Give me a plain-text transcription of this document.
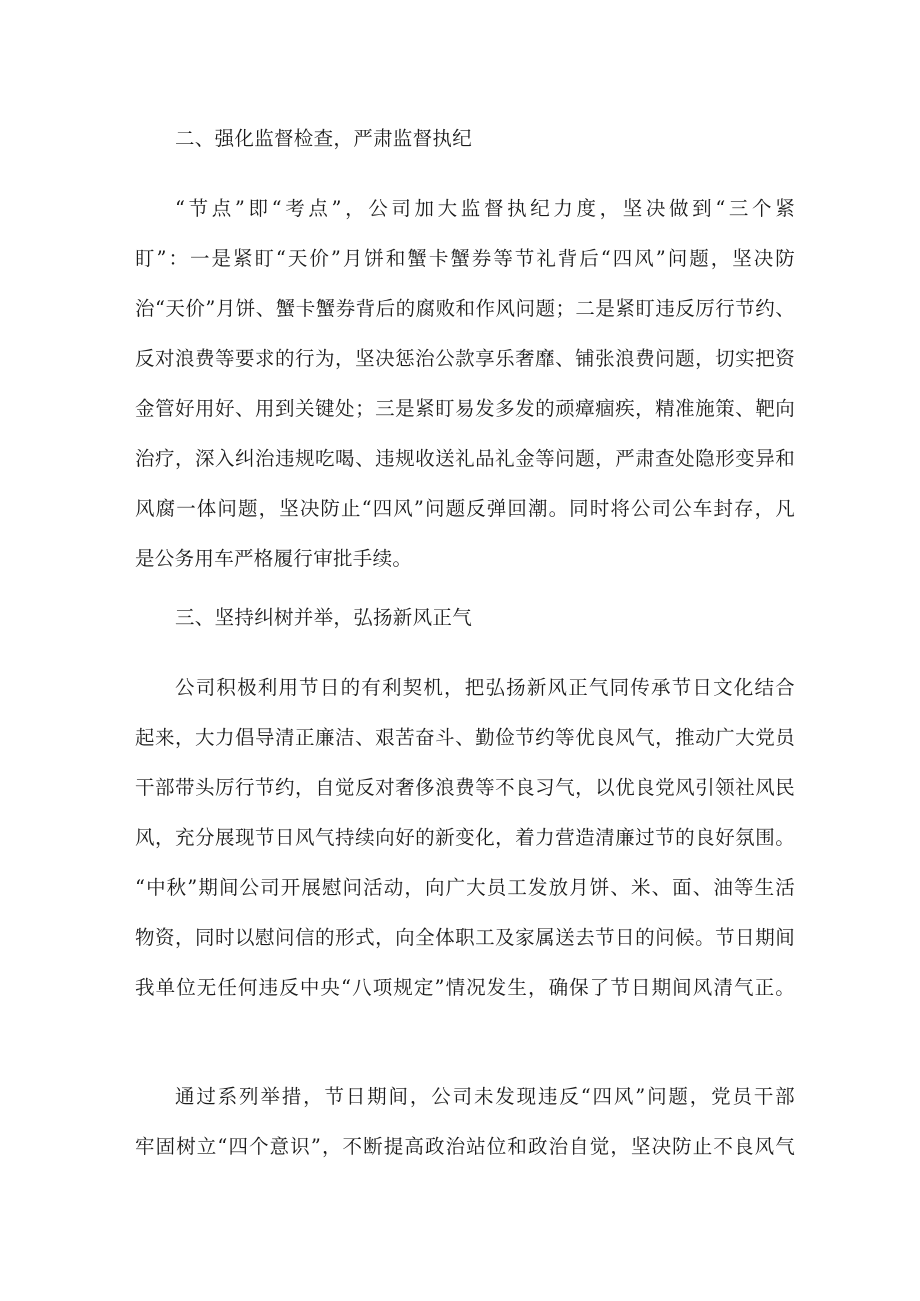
二、强化监督检查，严肃监督执纪
“节点”即“考点”，公司加大监督执纪力度，坚决做到“三个紧
盯”：一是紧盯“天价”月饼和蟹卡蟹券等节礼背后“四风”问题，坚决防
治“天价”月饼、蟹卡蟹券背后的腐败和作风问题；二是紧盯违反厉行节约、
反对浪费等要求的行为，坚决惩治公款享乐奢靡、铺张浪费问题，切实把资
金管好用好、用到关键处；三是紧盯易发多发的顽瘴痼疾，精准施策、靶向
治疗，深入纠治违规吃喝、违规收送礼品礼金等问题，严肃查处隐形变异和
风腐一体问题，坚决防止“四风”问题反弹回潮。同时将公司公车封存，凡
是公务用车严格履行审批手续。
三、坚持纠树并举，弘扬新风正气
公司积极利用节日的有利契机，把弘扬新风正气同传承节日文化结合
起来，大力倡导清正廉洁、艰苦奋斗、勤俭节约等优良风气，推动广大党员
干部带头厉行节约，自觉反对奢侈浪费等不良习气，以优良党风引领社风民
风，充分展现节日风气持续向好的新变化，着力营造清廉过节的良好氛围。
“中秋”期间公司开展慰问活动，向广大员工发放月饼、米、面、油等生活
物资，同时以慰问信的形式，向全体职工及家属送去节日的问候。节日期间
我单位无任何违反中央“八项规定”情况发生，确保了节日期间风清气正。
通过系列举措，节日期间，公司未发现违反“四风”问题，党员干部
牢固树立“四个意识”，不断提高政治站位和政治自觉，坚决防止不良风气
